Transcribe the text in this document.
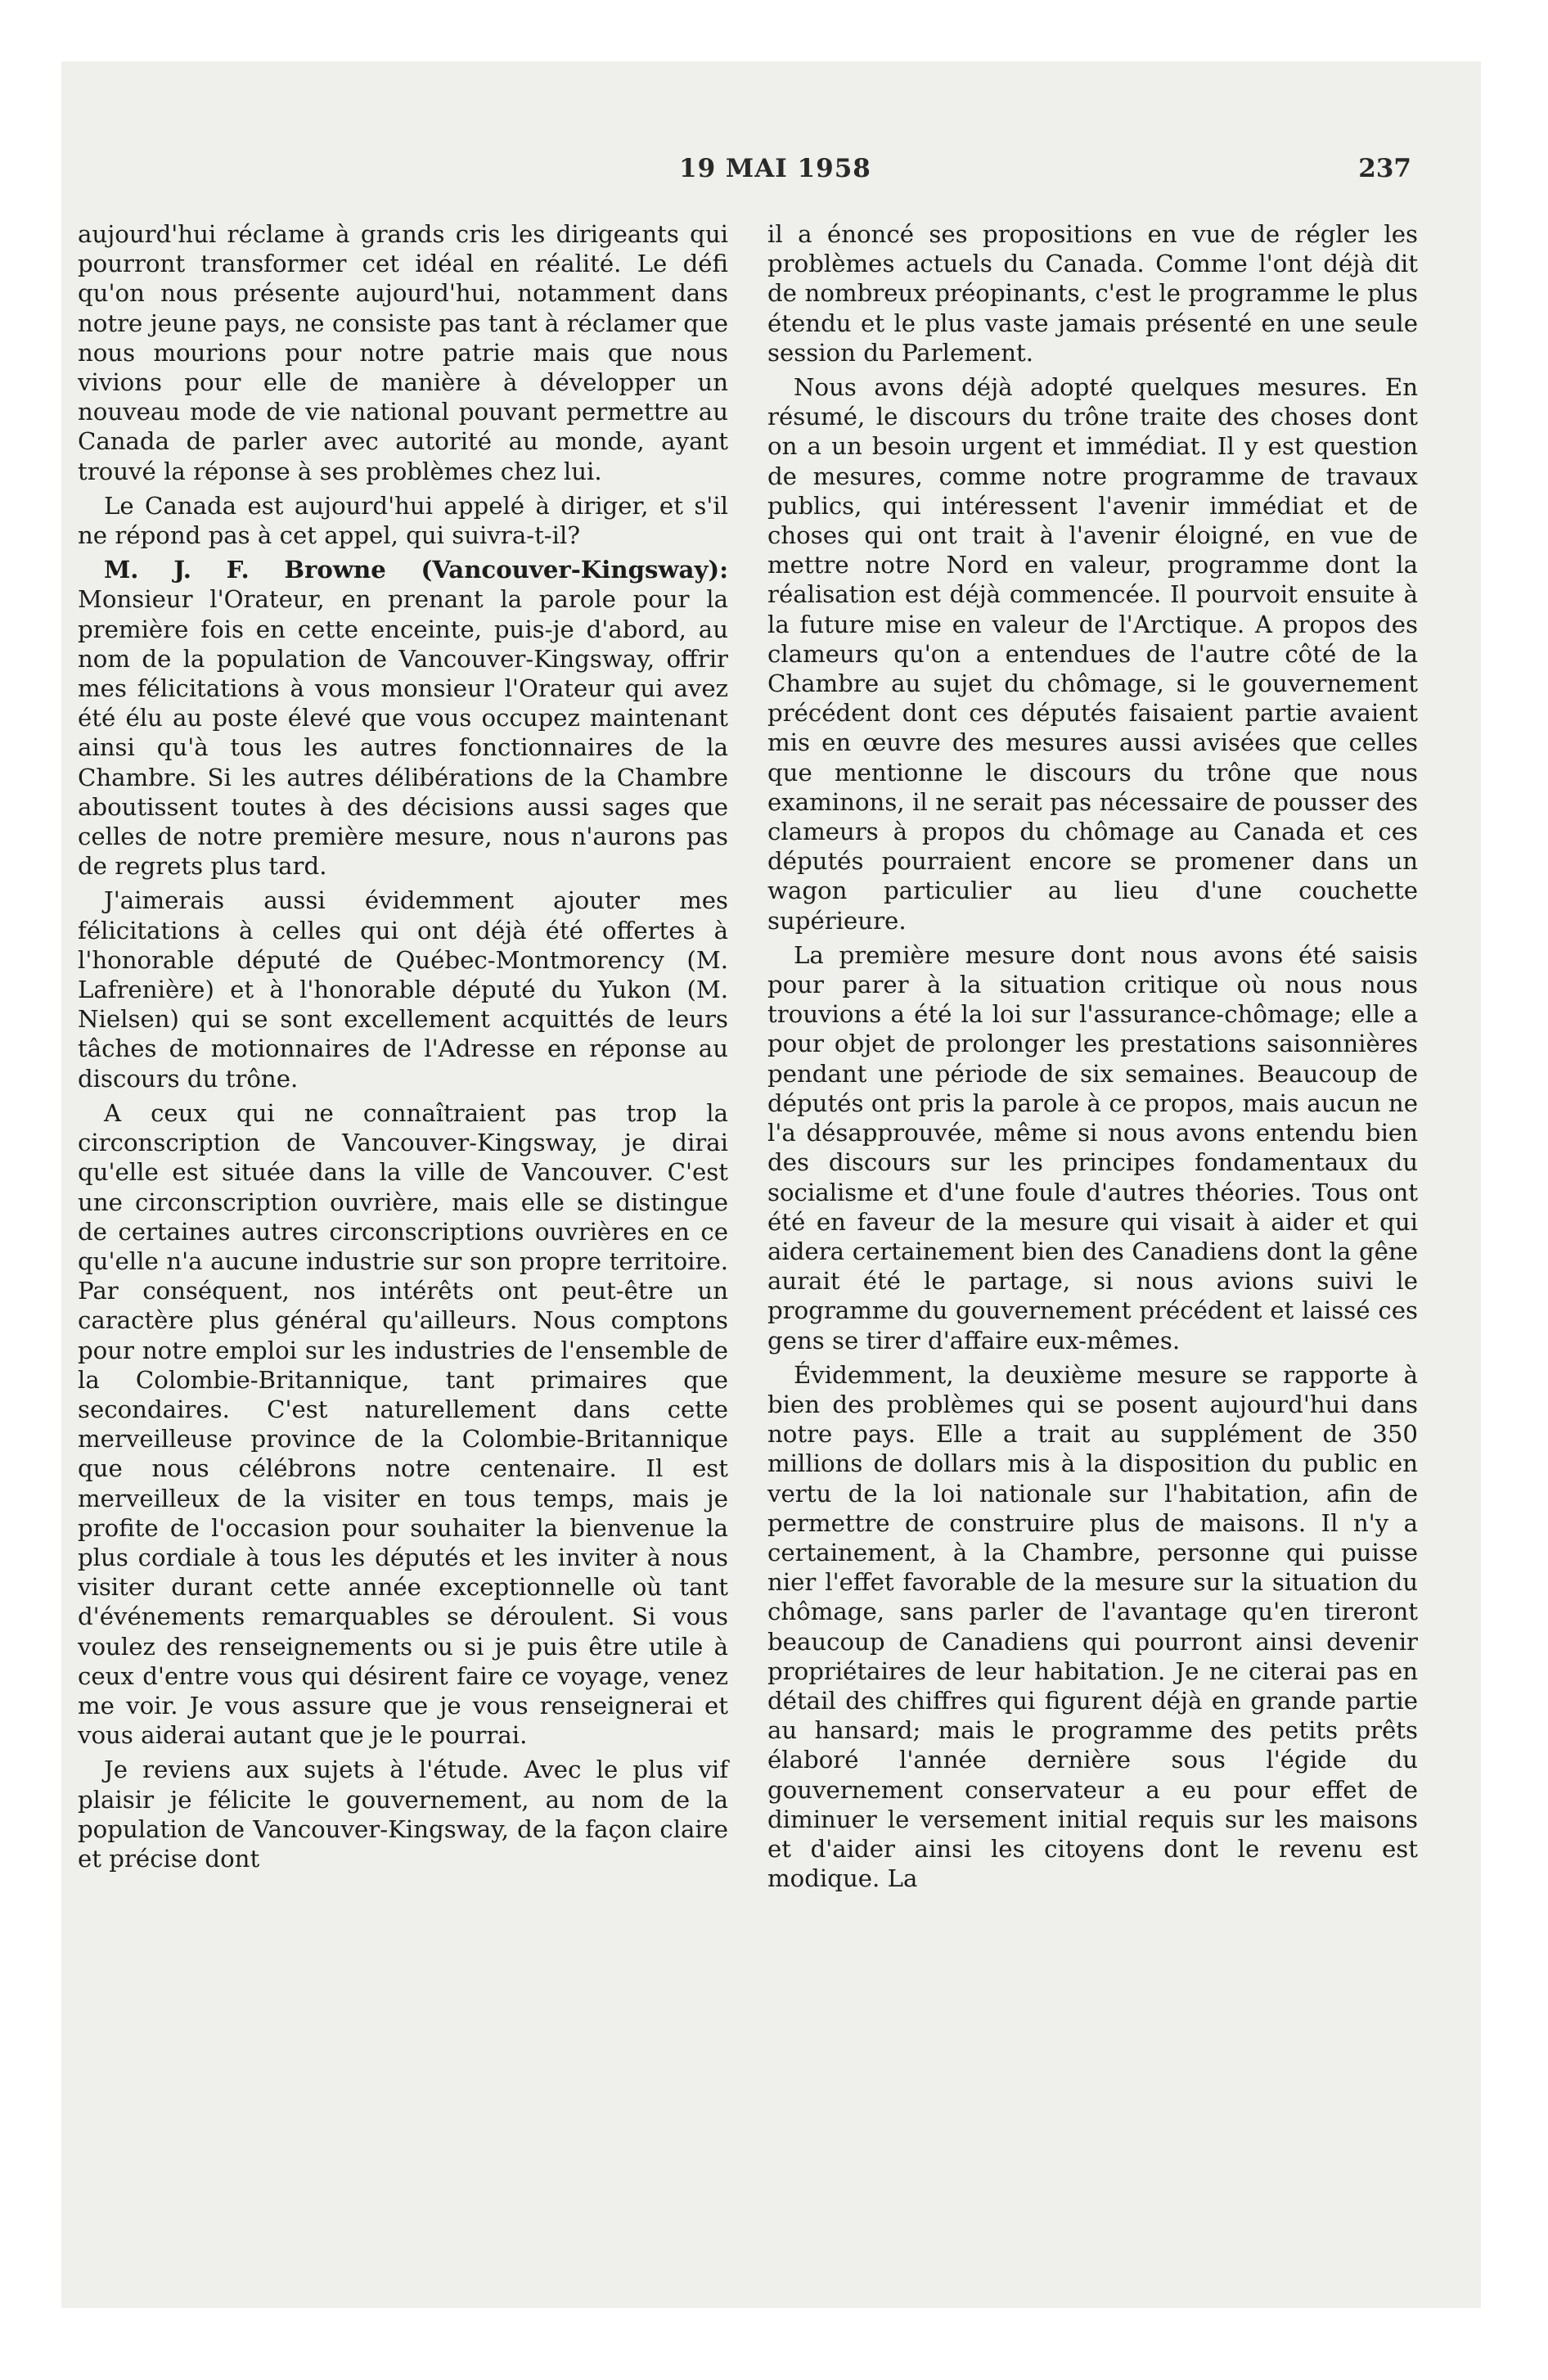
19 MAI 1958	237

aujourd'hui réclame à grands cris les dirigeants qui pourront transformer cet idéal en réalité. Le défi qu'on nous présente aujourd'hui, notamment dans notre jeune pays, ne consiste pas tant à réclamer que nous mourions pour notre patrie mais que nous vivions pour elle de manière à développer un nouveau mode de vie national pouvant permettre au Canada de parler avec autorité au monde, ayant trouvé la réponse à ses problèmes chez lui.

Le Canada est aujourd'hui appelé à diriger, et s'il ne répond pas à cet appel, qui suivra-t-il?

M. J. F. Browne (Vancouver-Kingsway): Monsieur l'Orateur, en prenant la parole pour la première fois en cette enceinte, puis-je d'abord, au nom de la population de Vancouver-Kingsway, offrir mes félicitations à vous monsieur l'Orateur qui avez été élu au poste élevé que vous occupez maintenant ainsi qu'à tous les autres fonctionnaires de la Chambre. Si les autres délibérations de la Chambre aboutissent toutes à des décisions aussi sages que celles de notre première mesure, nous n'aurons pas de regrets plus tard.

J'aimerais aussi évidemment ajouter mes félicitations à celles qui ont déjà été offertes à l'honorable député de Québec-Montmorency (M. Lafrenière) et à l'honorable député du Yukon (M. Nielsen) qui se sont excellement acquittés de leurs tâches de motionnaires de l'Adresse en réponse au discours du trône.

A ceux qui ne connaîtraient pas trop la circonscription de Vancouver-Kingsway, je dirai qu'elle est située dans la ville de Vancouver. C'est une circonscription ouvrière, mais elle se distingue de certaines autres circonscriptions ouvrières en ce qu'elle n'a aucune industrie sur son propre territoire. Par conséquent, nos intérêts ont peut-être un caractère plus général qu'ailleurs. Nous comptons pour notre emploi sur les industries de l'ensemble de la Colombie-Britannique, tant primaires que secondaires. C'est naturellement dans cette merveilleuse province de la Colombie-Britannique que nous célébrons notre centenaire. Il est merveilleux de la visiter en tous temps, mais je profite de l'occasion pour souhaiter la bienvenue la plus cordiale à tous les députés et les inviter à nous visiter durant cette année exceptionnelle où tant d'événements remarquables se déroulent. Si vous voulez des renseignements ou si je puis être utile à ceux d'entre vous qui désirent faire ce voyage, venez me voir. Je vous assure que je vous renseignerai et vous aiderai autant que je le pourrai.

Je reviens aux sujets à l'étude. Avec le plus vif plaisir je félicite le gouvernement, au nom de la population de Vancouver-Kingsway, de la façon claire et précise dont

il a énoncé ses propositions en vue de régler les problèmes actuels du Canada. Comme l'ont déjà dit de nombreux préopinants, c'est le programme le plus étendu et le plus vaste jamais présenté en une seule session du Parlement.

Nous avons déjà adopté quelques mesures. En résumé, le discours du trône traite des choses dont on a un besoin urgent et immédiat. Il y est question de mesures, comme notre programme de travaux publics, qui intéressent l'avenir immédiat et de choses qui ont trait à l'avenir éloigné, en vue de mettre notre Nord en valeur, programme dont la réalisation est déjà commencée. Il pourvoit ensuite à la future mise en valeur de l'Arctique. A propos des clameurs qu'on a entendues de l'autre côté de la Chambre au sujet du chômage, si le gouvernement précédent dont ces députés faisaient partie avaient mis en œuvre des mesures aussi avisées que celles que mentionne le discours du trône que nous examinons, il ne serait pas nécessaire de pousser des clameurs à propos du chômage au Canada et ces députés pourraient encore se promener dans un wagon particulier au lieu d'une couchette supérieure.

La première mesure dont nous avons été saisis pour parer à la situation critique où nous nous trouvions a été la loi sur l'assurance-chômage; elle a pour objet de prolonger les prestations saisonnières pendant une période de six semaines. Beaucoup de députés ont pris la parole à ce propos, mais aucun ne l'a désapprouvée, même si nous avons entendu bien des discours sur les principes fondamentaux du socialisme et d'une foule d'autres théories. Tous ont été en faveur de la mesure qui visait à aider et qui aidera certainement bien des Canadiens dont la gêne aurait été le partage, si nous avions suivi le programme du gouvernement précédent et laissé ces gens se tirer d'affaire eux-mêmes.

Évidemment, la deuxième mesure se rapporte à bien des problèmes qui se posent aujourd'hui dans notre pays. Elle a trait au supplément de 350 millions de dollars mis à la disposition du public en vertu de la loi nationale sur l'habitation, afin de permettre de construire plus de maisons. Il n'y a certainement, à la Chambre, personne qui puisse nier l'effet favorable de la mesure sur la situation du chômage, sans parler de l'avantage qu'en tireront beaucoup de Canadiens qui pourront ainsi devenir propriétaires de leur habitation. Je ne citerai pas en détail des chiffres qui figurent déjà en grande partie au hansard; mais le programme des petits prêts élaboré l'année dernière sous l'égide du gouvernement conservateur a eu pour effet de diminuer le versement initial requis sur les maisons et d'aider ainsi les citoyens dont le revenu est modique. La
